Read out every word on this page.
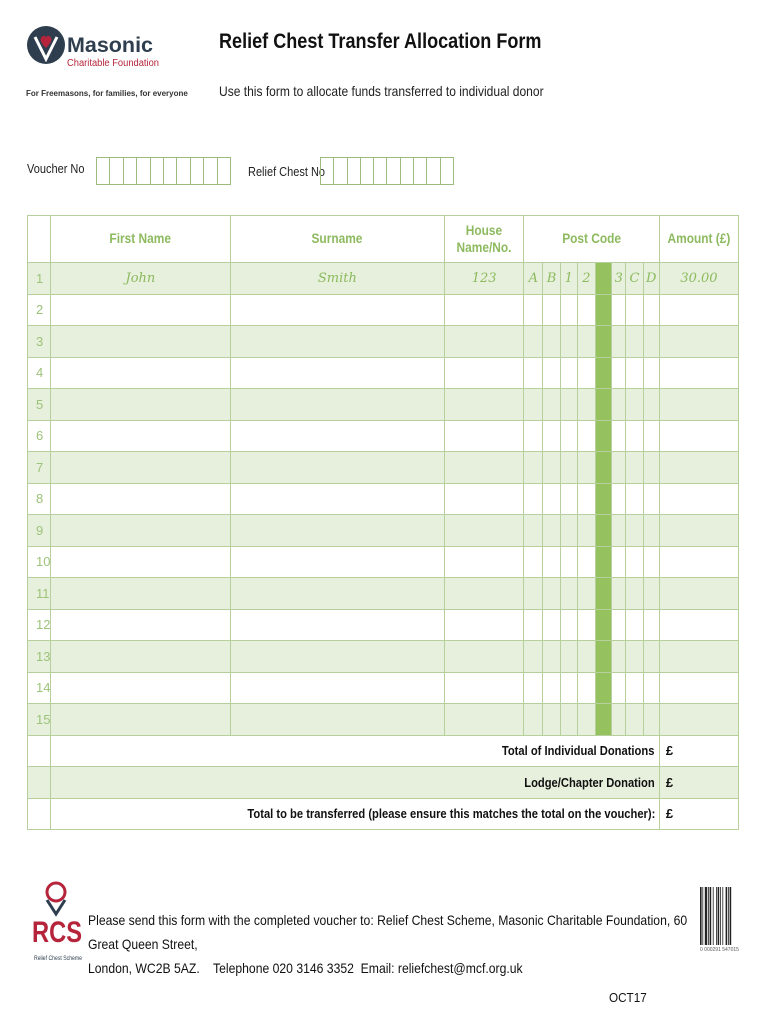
Masonic
Charitable Foundation
For Freemasons, for families, for everyone
Relief Chest Transfer Allocation Form
Use this form to allocate funds transferred to individual donor
Voucher No	Relief Chest No
	First Name	Surname	House Name/No.	Post Code								Amount (£)
1	John	Smith	123	A	B	1	2		3	C	D	30.00
2												
3												
4												
5												
6												
7												
8												
9												
10												
11												
12												
13												
14												
15												
	Total of Individual Donations											£
	Lodge/Chapter Donation											£
	Total to be transferred (please ensure this matches the total on the voucher):											£
RCS
Relief Chest Scheme
Please send this form with the completed voucher to: Relief Chest Scheme, Masonic Charitable Foundation, 60 Great Queen Street,
London, WC2B 5AZ.    Telephone 020 3146 3352  Email: reliefchest@mcf.org.uk
0 000291 547015
OCT17
